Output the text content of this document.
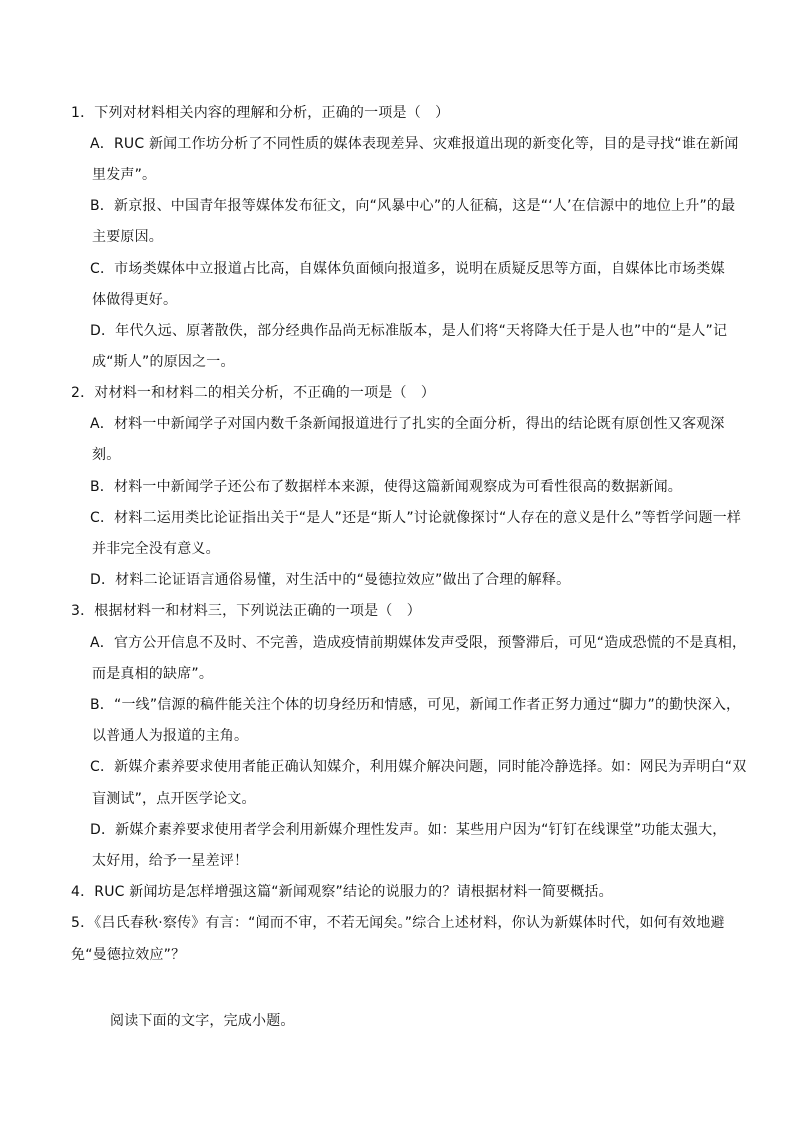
1．下列对材料相关内容的理解和分析，正确的一项是（　）
A．RUC 新闻工作坊分析了不同性质的媒体表现差异、灾难报道出现的新变化等，目的是寻找“谁在新闻
里发声”。
B．新京报、中国青年报等媒体发布征文，向“风暴中心”的人征稿，这是“‘人’在信源中的地位上升”的最
主要原因。
C．市场类媒体中立报道占比高，自媒体负面倾向报道多，说明在质疑反思等方面，自媒体比市场类媒
体做得更好。
D．年代久远、原著散佚，部分经典作品尚无标准版本，是人们将“天将降大任于是人也”中的“是人”记
成“斯人”的原因之一。
2．对材料一和材料二的相关分析，不正确的一项是（　）
A．材料一中新闻学子对国内数千条新闻报道进行了扎实的全面分析，得出的结论既有原创性又客观深
刻。
B．材料一中新闻学子还公布了数据样本来源，使得这篇新闻观察成为可看性很高的数据新闻。
C．材料二运用类比论证指出关于“是人”还是“斯人”讨论就像探讨“人存在的意义是什么”等哲学问题一样
并非完全没有意义。
D．材料二论证语言通俗易懂，对生活中的“曼德拉效应”做出了合理的解释。
3．根据材料一和材料三，下列说法正确的一项是（　）
A．官方公开信息不及时、不完善，造成疫情前期媒体发声受限，预警滞后，可见“造成恐慌的不是真相，
而是真相的缺席”。
B．“一线”信源的稿件能关注个体的切身经历和情感，可见，新闻工作者正努力通过“脚力”的勤快深入，
以普通人为报道的主角。
C．新媒介素养要求使用者能正确认知媒介，利用媒介解决问题，同时能冷静选择。如：网民为弄明白“双
盲测试”，点开医学论文。
D．新媒介素养要求使用者学会利用新媒介理性发声。如：某些用户因为“钉钉在线课堂”功能太强大，
太好用，给予一星差评！
4．RUC 新闻坊是怎样增强这篇“新闻观察”结论的说服力的？请根据材料一简要概括。
5．《吕氏春秋·察传》有言：“闻而不审，不若无闻矣。”综合上述材料，你认为新媒体时代，如何有效地避
免“曼德拉效应”？
阅读下面的文字，完成小题。
